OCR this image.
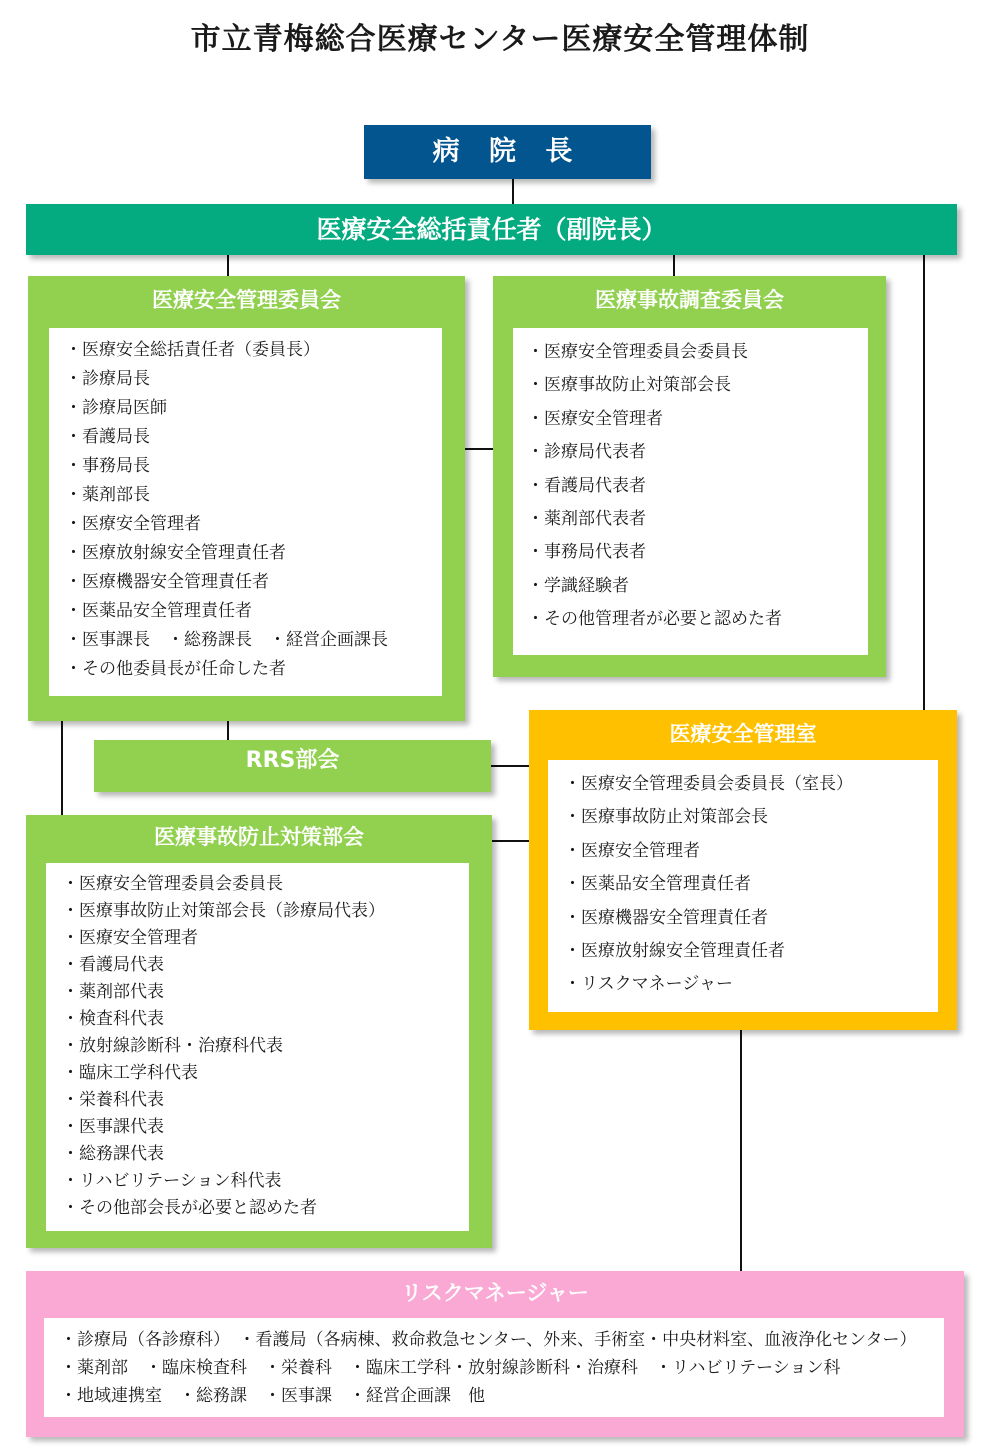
市立青梅総合医療センター医療安全管理体制
病 院 長
医療安全総括責任者（副院長）
医療安全管理委員会
・医療安全総括責任者（委員長）
・診療局長
・診療局医師
・看護局長
・事務局長
・薬剤部長
・医療安全管理者
・医療放射線安全管理責任者
・医療機器安全管理責任者
・医薬品安全管理責任者
・医事課長　・総務課長　・経営企画課長
・その他委員長が任命した者
医療事故調査委員会
・医療安全管理委員会委員長
・医療事故防止対策部会長
・医療安全管理者
・診療局代表者
・看護局代表者
・薬剤部代表者
・事務局代表者
・学識経験者
・その他管理者が必要と認めた者
RRS部会
医療事故防止対策部会
・医療安全管理委員会委員長
・医療事故防止対策部会長（診療局代表）
・医療安全管理者
・看護局代表
・薬剤部代表
・検査科代表
・放射線診断科・治療科代表
・臨床工学科代表
・栄養科代表
・医事課代表
・総務課代表
・リハビリテーション科代表
・その他部会長が必要と認めた者
医療安全管理室
・医療安全管理委員会委員長（室長）
・医療事故防止対策部会長
・医療安全管理者
・医薬品安全管理責任者
・医療機器安全管理責任者
・医療放射線安全管理責任者
・リスクマネージャー
リスクマネージャー
・診療局（各診療科）　・看護局（各病棟、救命救急センター、外来、手術室・中央材料室、血液浄化センター）
・薬剤部　・臨床検査科　・栄養科　・臨床工学科・放射線診断科・治療科　・リハビリテーション科
・地域連携室　・総務課　・医事課　・経営企画課　他
